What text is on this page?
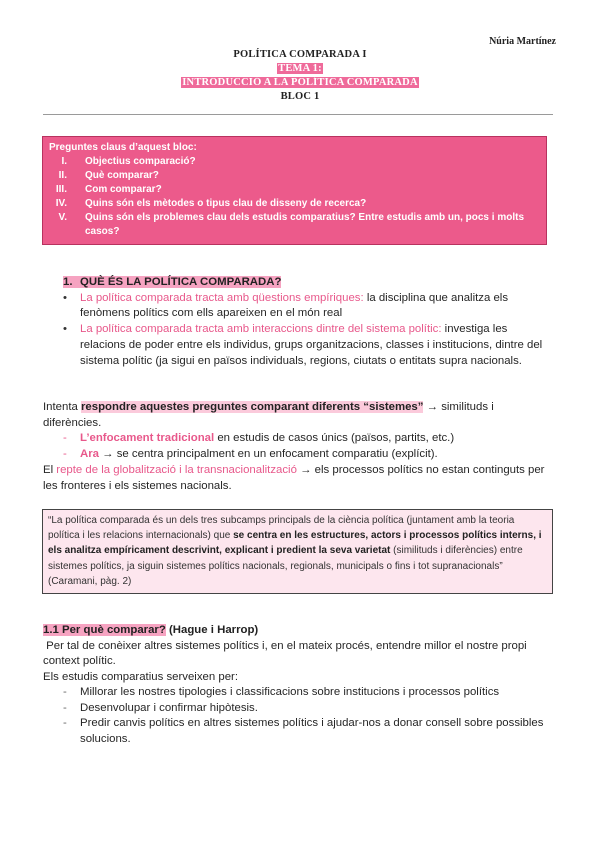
Núria Martínez
POLÍTICA COMPARADA I
TEMA 1:
INTRODUCCIÓ A LA POLÍTICA COMPARADA
BLOC 1
Preguntes claus d’aquest bloc:
I. Objectius comparació?
II. Què comparar?
III. Com comparar?
IV. Quins són els mètodes o tipus clau de disseny de recerca?
V. Quins són els problemes clau dels estudis comparatius? Entre estudis amb un, pocs i molts casos?
1. QUÈ ÉS LA POLÍTICA COMPARADA?
• La política comparada tracta amb qüestions empíriques: la disciplina que analitza els fenòmens polítics com ells apareixen en el món real
• La política comparada tracta amb interaccions dintre del sistema polític: investiga les relacions de poder entre els individus, grups organitzacions, classes i institucions, dintre del sistema polític (ja sigui en països individuals, regions, ciutats o entitats supra nacionals.

Intenta respondre aquestes preguntes comparant diferents “sistemes” → similituds i diferències.

- L’enfocament tradicional en estudis de casos únics (països, partits, etc.)
- Ara → se centra principalment en un enfocament comparatiu (explícit).

El repte de la globalització i la transnacionalització → els processos polítics no estan continguts per les fronteres i els sistemes nacionals.

“La política comparada és un dels tres subcamps principals de la ciència política (juntament amb la teoria política i les relacions internacionals) que se centra en les estructures, actors i processos polítics interns, i els analitza empíricament descrivint, explicant i predient la seva varietat (similituds i diferències) entre sistemes polítics, ja siguin sistemes polítics nacionals, regionals, municipals o fins i tot supranacionals” (Caramani, pàg. 2)
1.1 Per què comparar? (Hague i Harrop)
Per tal de conèixer altres sistemes polítics i, en el mateix procés, entendre millor el nostre propi context polític.
Els estudis comparatius serveixen per:
- Millorar les nostres tipologies i classificacions sobre institucions i processos polítics
- Desenvolupar i confirmar hipòtesis.
- Predir canvis polítics en altres sistemes polítics i ajudar-nos a donar consell sobre possibles solucions.
